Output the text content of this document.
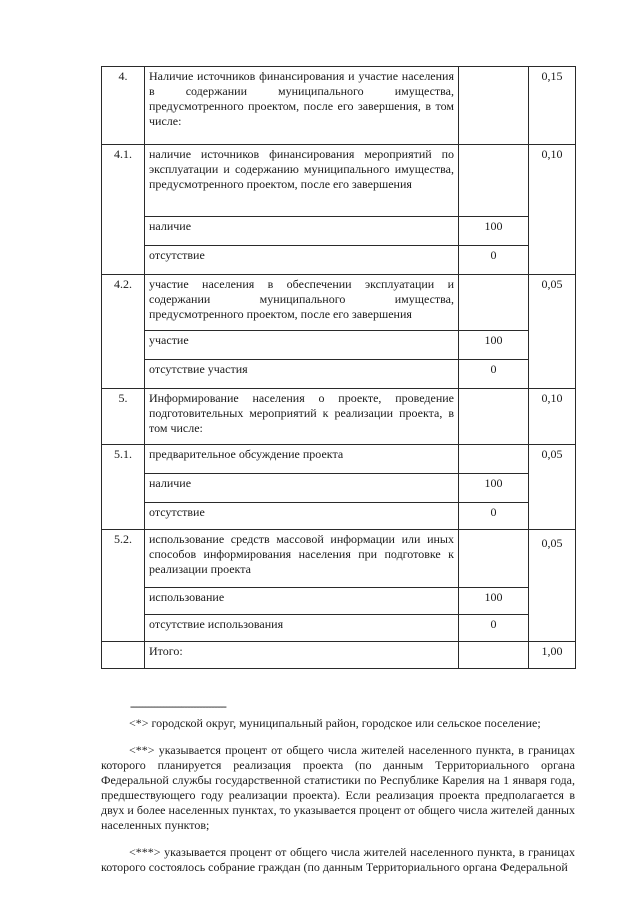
4.	Наличие источников финансирования и участие населения в содержании муниципального имущества, предусмотренного проектом, после его завершения, в том числе:		0,15
4.1.	наличие источников финансирования мероприятий по эксплуатации и содержанию муниципального имущества, предусмотренного проектом, после его завершения		0,10
	наличие	100	
	отсутствие	0	
4.2.	участие населения в обеспечении эксплуатации и содержании муниципального имущества, предусмотренного проектом, после его завершения		0,05
	участие	100	
	отсутствие участия	0	
5.	Информирование населения о проекте, проведение подготовительных мероприятий к реализации проекта, в том числе:		0,10
5.1.	предварительное обсуждение проекта		0,05
	наличие	100	
	отсутствие	0	
5.2.	использование средств массовой информации или иных способов информирования населения при подготовке к реализации проекта		0,05
	использование	100	
	отсутствие использования	0	
	Итого:		1,00
--------------------------------

<*> городской округ, муниципальный район, городское или сельское поселение;

<**> указывается процент от общего числа жителей населенного пункта, в границах которого планируется реализация проекта (по данным Территориального органа Федеральной службы государственной статистики по Республике Карелия на 1 января года, предшествующего году реализации проекта). Если реализация проекта предполагается в двух и более населенных пунктах, то указывается процент от общего числа жителей данных населенных пунктов;

<***> указывается процент от общего числа жителей населенного пункта, в границах которого состоялось собрание граждан (по данным Территориального органа Федеральной
